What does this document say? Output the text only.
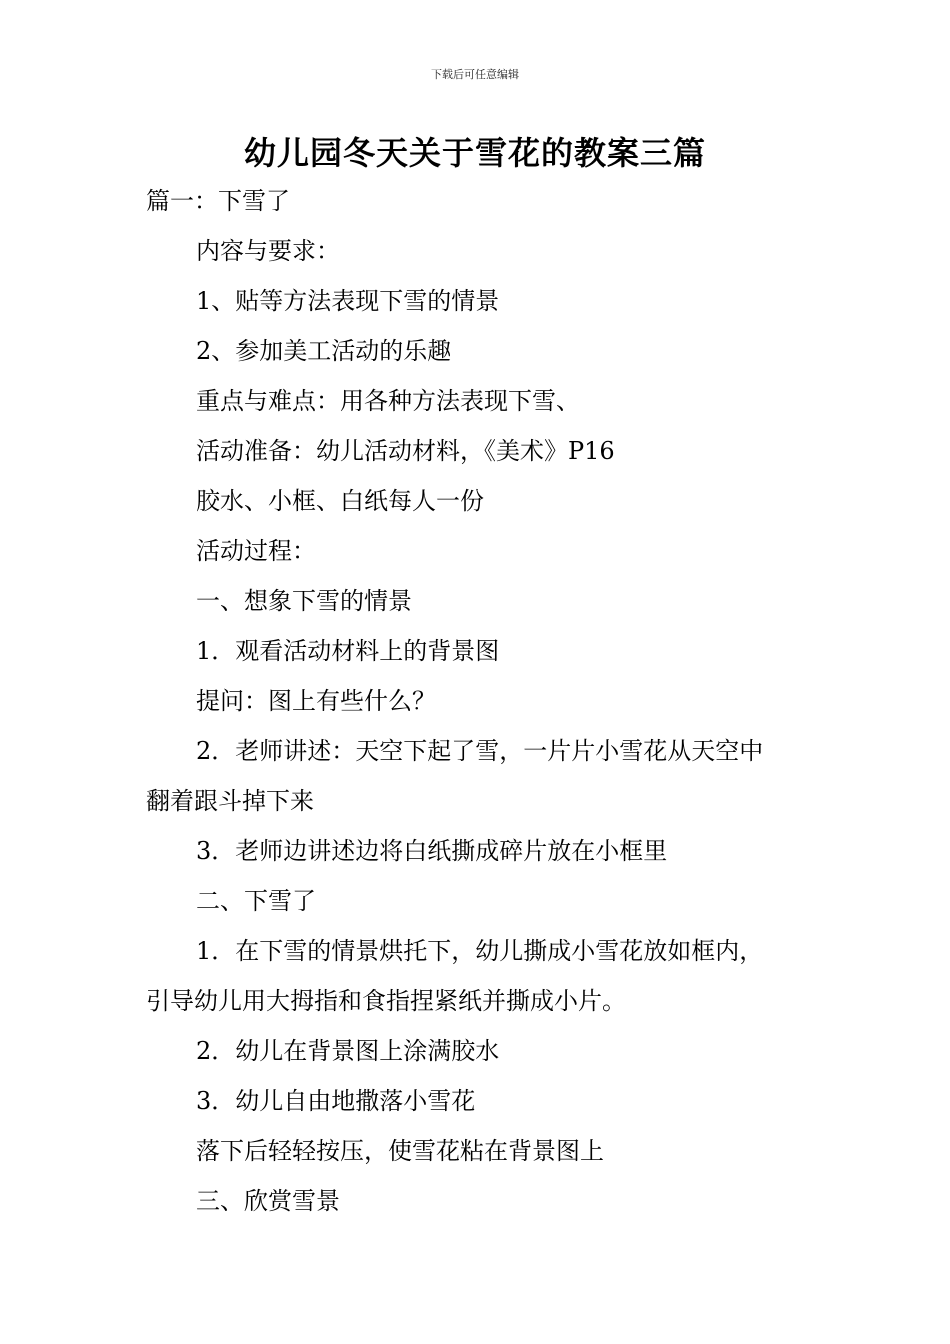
下载后可任意编辑
幼儿园冬天关于雪花的教案三篇
篇一：下雪了
内容与要求：
1、贴等方法表现下雪的情景
2、参加美工活动的乐趣
重点与难点：用各种方法表现下雪、
活动准备：幼儿活动材料，《美术》P16
胶水、小框、白纸每人一份
活动过程：
一、想象下雪的情景
1．观看活动材料上的背景图
提问：图上有些什么？
2．老师讲述：天空下起了雪，一片片小雪花从天空中
翻着跟斗掉下来
3．老师边讲述边将白纸撕成碎片放在小框里
二、下雪了
1．在下雪的情景烘托下，幼儿撕成小雪花放如框内，
引导幼儿用大拇指和食指捏紧纸并撕成小片。
2．幼儿在背景图上涂满胶水
3．幼儿自由地撒落小雪花
落下后轻轻按压，使雪花粘在背景图上
三、欣赏雪景
